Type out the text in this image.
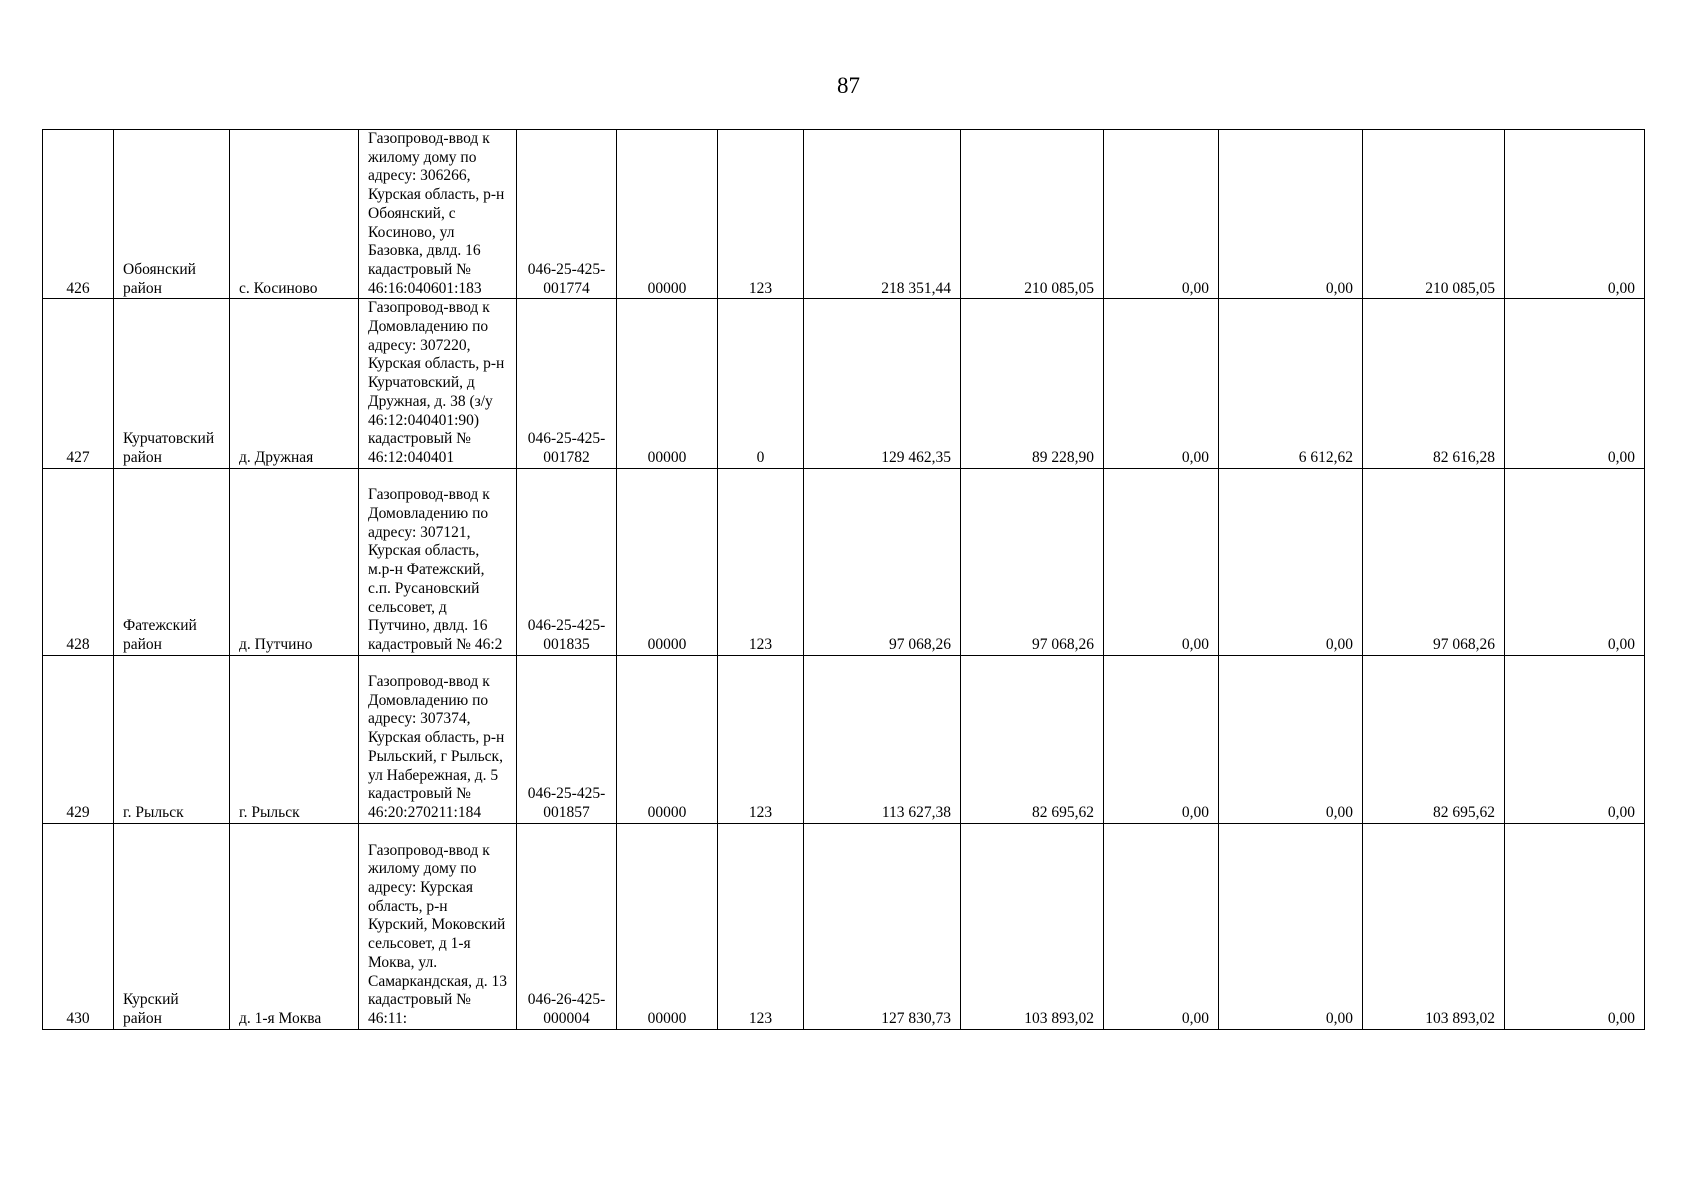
87
426	Обоянский район	с. Косиново	Газопровод-ввод к жилому дому по адресу: 306266, Курская область, р-н Обоянский, с Косиново, ул Базовка, двлд. 16 кадастровый № 46:16:040601:183	046-25-425-001774	00000	123	218 351,44	210 085,05	0,00	0,00	210 085,05	0,00
427	Курчатовский район	д. Дружная	Газопровод-ввод к Домовладению по адресу: 307220, Курская область, р-н Курчатовский, д Дружная, д. 38 (з/у 46:12:040401:90) кадастровый № 46:12:040401	046-25-425-001782	00000	0	129 462,35	89 228,90	0,00	6 612,62	82 616,28	0,00
428	Фатежский район	д. Путчино	Газопровод-ввод к Домовладению по адресу: 307121, Курская область, м.р-н Фатежский, с.п. Русановский сельсовет, д Путчино, двлд. 16 кадастровый № 46:2	046-25-425-001835	00000	123	97 068,26	97 068,26	0,00	0,00	97 068,26	0,00
429	г. Рыльск	г. Рыльск	Газопровод-ввод к Домовладению по адресу: 307374, Курская область, р-н Рыльский, г Рыльск, ул Набережная, д. 5 кадастровый № 46:20:270211:184	046-25-425-001857	00000	123	113 627,38	82 695,62	0,00	0,00	82 695,62	0,00
430	Курский район	д. 1-я Моква	Газопровод-ввод к жилому дому по адресу: Курская область, р-н Курский, Моковский сельсовет, д 1-я Моква, ул. Самаркандская, д. 13 кадастровый № 46:11:	046-26-425-000004	00000	123	127 830,73	103 893,02	0,00	0,00	103 893,02	0,00
